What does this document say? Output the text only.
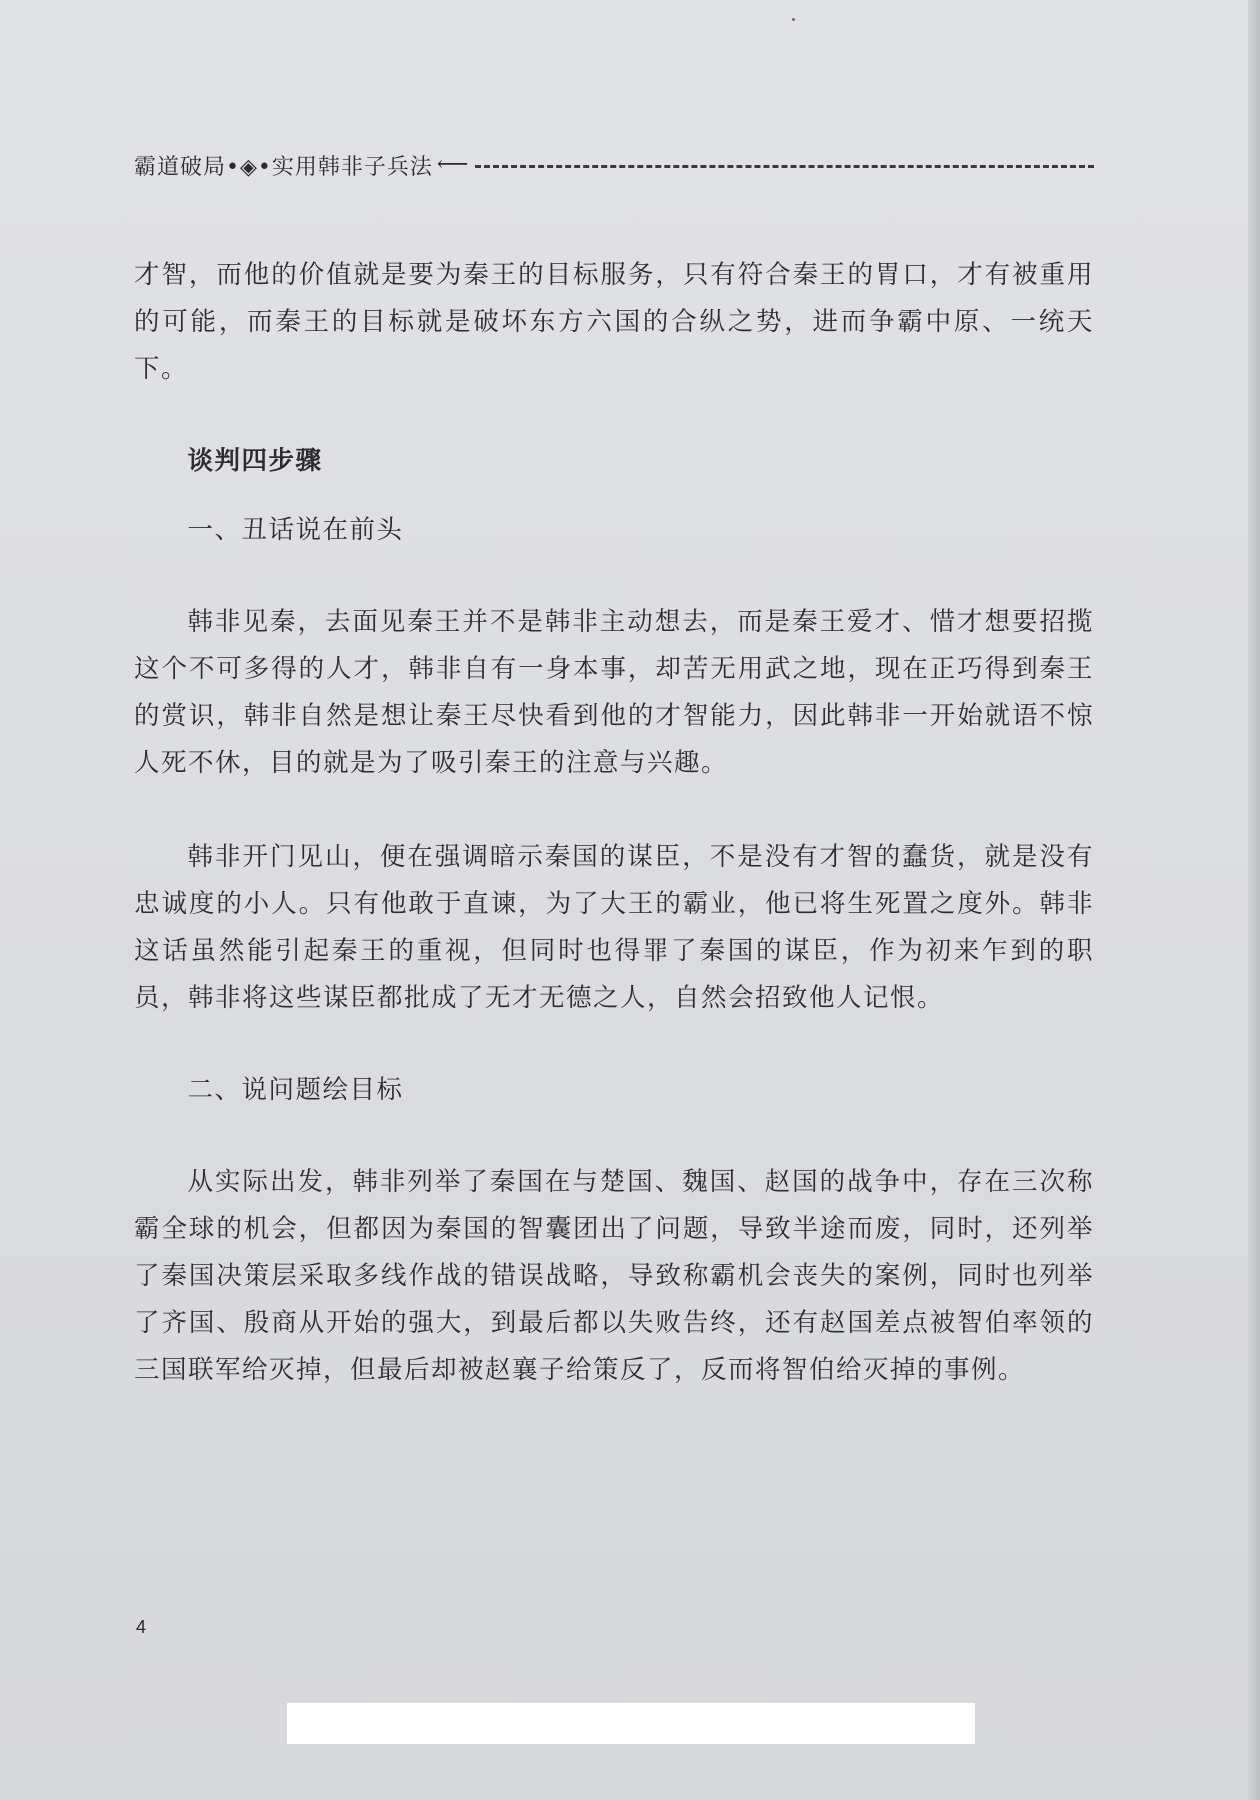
霸道破局•◈•实用韩非子兵法 ⟵

才智，而他的价值就是要为秦王的目标服务，只有符合秦王的胃口，才有被重用的可能，而秦王的目标就是破坏东方六国的合纵之势，进而争霸中原、一统天下。

谈判四步骤

一、丑话说在前头

韩非见秦，去面见秦王并不是韩非主动想去，而是秦王爱才、惜才想要招揽这个不可多得的人才，韩非自有一身本事，却苦无用武之地，现在正巧得到秦王的赏识，韩非自然是想让秦王尽快看到他的才智能力，因此韩非一开始就语不惊人死不休，目的就是为了吸引秦王的注意与兴趣。

韩非开门见山，便在强调暗示秦国的谋臣，不是没有才智的蠢货，就是没有忠诚度的小人。只有他敢于直谏，为了大王的霸业，他已将生死置之度外。韩非这话虽然能引起秦王的重视，但同时也得罪了秦国的谋臣，作为初来乍到的职员，韩非将这些谋臣都批成了无才无德之人，自然会招致他人记恨。

二、说问题绘目标

从实际出发，韩非列举了秦国在与楚国、魏国、赵国的战争中，存在三次称霸全球的机会，但都因为秦国的智囊团出了问题，导致半途而废，同时，还列举了秦国决策层采取多线作战的错误战略，导致称霸机会丧失的案例，同时也列举了齐国、殷商从开始的强大，到最后都以失败告终，还有赵国差点被智伯率领的三国联军给灭掉，但最后却被赵襄子给策反了，反而将智伯给灭掉的事例。

4
